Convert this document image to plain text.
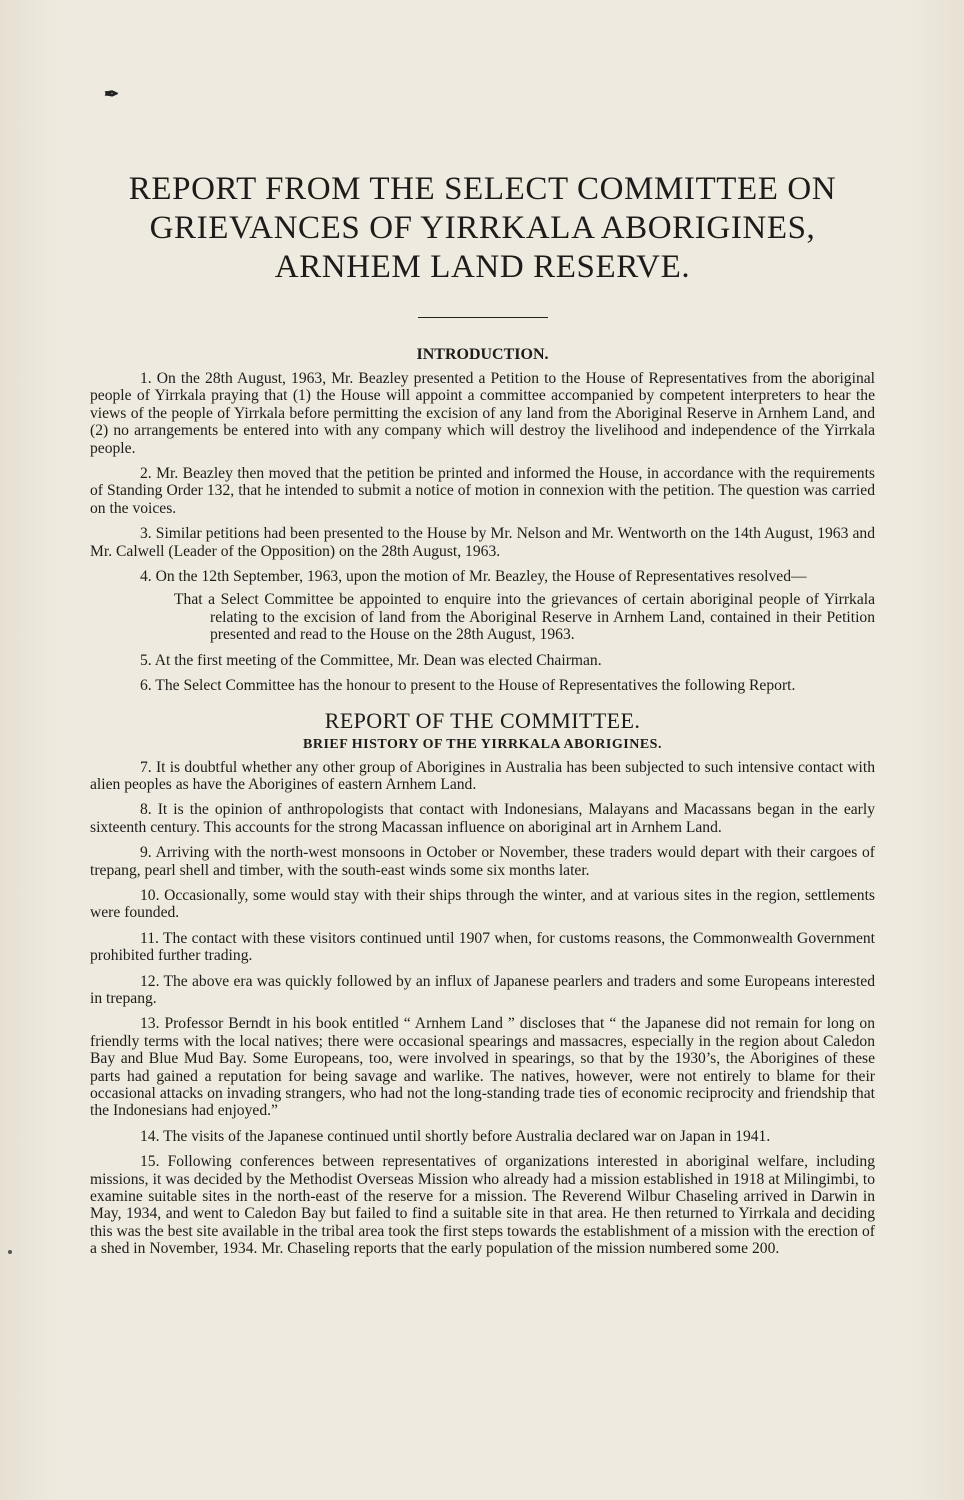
✒
REPORT FROM THE SELECT COMMITTEE ON
GRIEVANCES OF YIRRKALA ABORIGINES,
ARNHEM LAND RESERVE.
INTRODUCTION.

1. On the 28th August, 1963, Mr. Beazley presented a Petition to the House of Representatives from the aboriginal people of Yirrkala praying that (1) the House will appoint a committee accompanied by competent interpreters to hear the views of the people of Yirrkala before permitting the excision of any land from the Aboriginal Reserve in Arnhem Land, and (2) no arrangements be entered into with any company which will destroy the livelihood and independence of the Yirrkala people.

2. Mr. Beazley then moved that the petition be printed and informed the House, in accordance with the requirements of Standing Order 132, that he intended to submit a notice of motion in connexion with the petition. The question was carried on the voices.

3. Similar petitions had been presented to the House by Mr. Nelson and Mr. Wentworth on the 14th August, 1963 and Mr. Calwell (Leader of the Opposition) on the 28th August, 1963.

4. On the 12th September, 1963, upon the motion of Mr. Beazley, the House of Representatives resolved—

That a Select Committee be appointed to enquire into the grievances of certain aboriginal people of Yirrkala relating to the excision of land from the Aboriginal Reserve in Arnhem Land, contained in their Petition presented and read to the House on the 28th August, 1963.

5. At the first meeting of the Committee, Mr. Dean was elected Chairman.

6. The Select Committee has the honour to present to the House of Representatives the following Report.

REPORT OF THE COMMITTEE.
BRIEF HISTORY OF THE YIRRKALA ABORIGINES.

7. It is doubtful whether any other group of Aborigines in Australia has been subjected to such intensive contact with alien peoples as have the Aborigines of eastern Arnhem Land.

8. It is the opinion of anthropologists that contact with Indonesians, Malayans and Macassans began in the early sixteenth century. This accounts for the strong Macassan influence on aboriginal art in Arnhem Land.

9. Arriving with the north-west monsoons in October or November, these traders would depart with their cargoes of trepang, pearl shell and timber, with the south-east winds some six months later.

10. Occasionally, some would stay with their ships through the winter, and at various sites in the region, settlements were founded.

11. The contact with these visitors continued until 1907 when, for customs reasons, the Commonwealth Government prohibited further trading.

12. The above era was quickly followed by an influx of Japanese pearlers and traders and some Europeans interested in trepang.

13. Professor Berndt in his book entitled “ Arnhem Land ” discloses that “ the Japanese did not remain for long on friendly terms with the local natives; there were occasional spearings and massacres, especially in the region about Caledon Bay and Blue Mud Bay. Some Europeans, too, were involved in spearings, so that by the 1930’s, the Aborigines of these parts had gained a reputation for being savage and warlike. The natives, however, were not entirely to blame for their occasional attacks on invading strangers, who had not the long-standing trade ties of economic reciprocity and friendship that the Indonesians had enjoyed.”

14. The visits of the Japanese continued until shortly before Australia declared war on Japan in 1941.

15. Following conferences between representatives of organizations interested in aboriginal welfare, including missions, it was decided by the Methodist Overseas Mission who already had a mission established in 1918 at Milingimbi, to examine suitable sites in the north-east of the reserve for a mission. The Reverend Wilbur Chaseling arrived in Darwin in May, 1934, and went to Caledon Bay but failed to find a suitable site in that area. He then returned to Yirrkala and deciding this was the best site available in the tribal area took the first steps towards the establishment of a mission with the erection of a shed in November, 1934. Mr. Chaseling reports that the early population of the mission numbered some 200.
